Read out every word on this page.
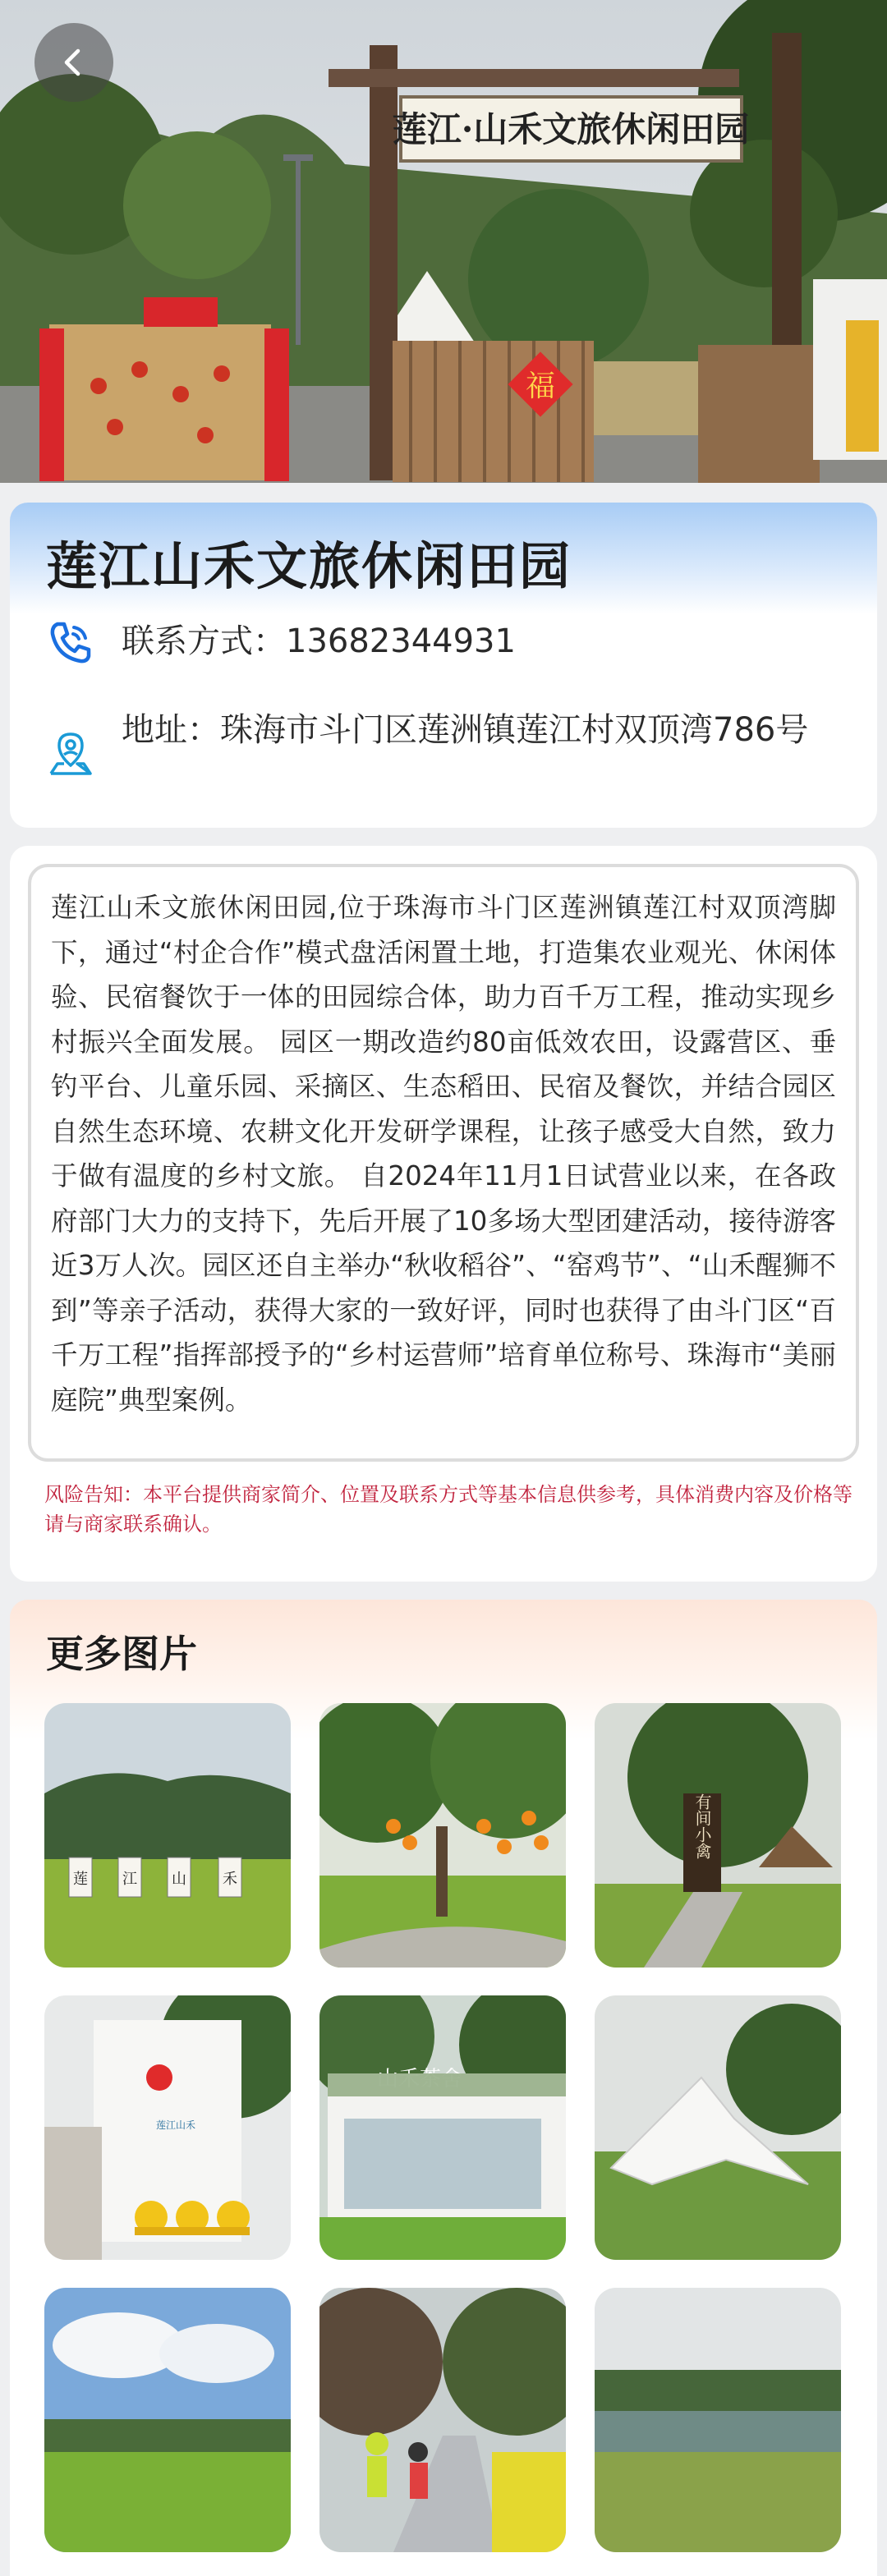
莲江·山禾文旅休闲田园
福
莲江山禾文旅休闲田园
联系方式：13682344931
地址：珠海市斗门区莲洲镇莲江村双顶湾786号

莲江山禾文旅休闲田园,位于珠海市斗门区莲洲镇莲江村双顶湾脚下，通过“村企合作”模式盘活闲置土地，打造集农业观光、休闲体验、民宿餐饮于一体的田园综合体，助力百千万工程，推动实现乡村振兴全面发展。 园区一期改造约80亩低效农田，设露营区、垂钓平台、儿童乐园、采摘区、生态稻田、民宿及餐饮，并结合园区自然生态环境、农耕文化开发研学课程，让孩子感受大自然，致力于做有温度的乡村文旅。 自2024年11月1日试营业以来，在各政府部门大力的支持下，先后开展了10多场大型团建活动，接待游客近3万人次。园区还自主举办“秋收稻谷”、“窑鸡节”、“山禾醒狮不到”等亲子活动，获得大家的一致好评，同时也获得了由斗门区“百千万工程”指挥部授予的“乡村运营师”培育单位称号、珠海市“美丽庭院”典型案例。

风险告知：本平台提供商家简介、位置及联系方式等基本信息供参考，具体消费内容及价格等请与商家联系确认。

更多图片
莲 江 山 禾
有间小禽
莲江山禾
